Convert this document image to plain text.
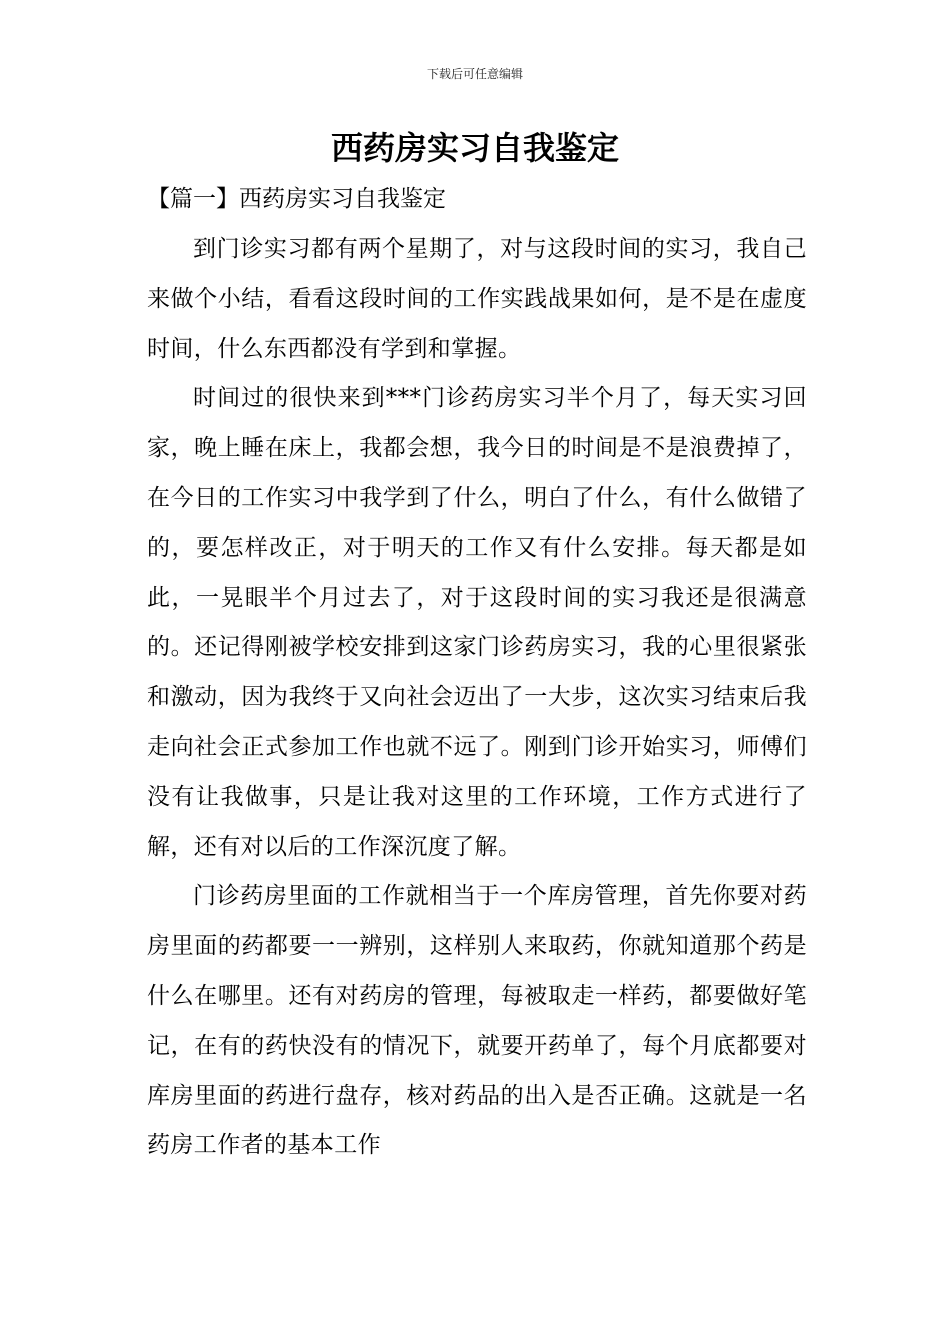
下载后可任意编辑
西药房实习自我鉴定
【篇一】西药房实习自我鉴定

到门诊实习都有两个星期了，对与这段时间的实习，我自己来做个小结，看看这段时间的工作实践战果如何，是不是在虚度时间，什么东西都没有学到和掌握。

时间过的很快来到***门诊药房实习半个月了，每天实习回家，晚上睡在床上，我都会想，我今日的时间是不是浪费掉了，在今日的工作实习中我学到了什么，明白了什么，有什么做错了的，要怎样改正，对于明天的工作又有什么安排。每天都是如此，一晃眼半个月过去了，对于这段时间的实习我还是很满意的。还记得刚被学校安排到这家门诊药房实习，我的心里很紧张和激动，因为我终于又向社会迈出了一大步，这次实习结束后我走向社会正式参加工作也就不远了。刚到门诊开始实习，师傅们没有让我做事，只是让我对这里的工作环境，工作方式进行了解，还有对以后的工作深沉度了解。

门诊药房里面的工作就相当于一个库房管理，首先你要对药房里面的药都要一一辨别，这样别人来取药，你就知道那个药是什么在哪里。还有对药房的管理，每被取走一样药，都要做好笔记，在有的药快没有的情况下，就要开药单了，每个月底都要对库房里面的药进行盘存，核对药品的出入是否正确。这就是一名药房工作者的基本工作
